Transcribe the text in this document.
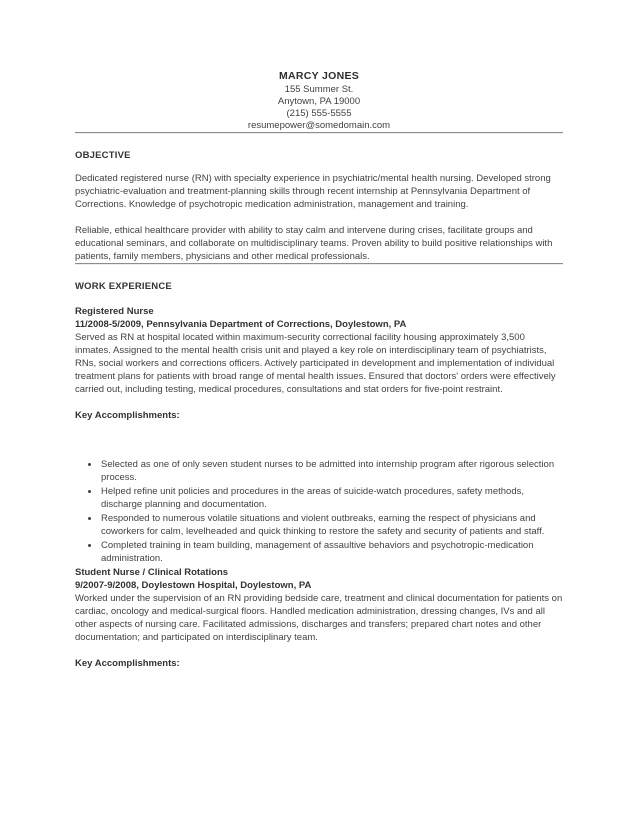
MARCY JONES
155 Summer St.
Anytown, PA 19000
(215) 555-5555
resumepower@somedomain.com
OBJECTIVE

Dedicated registered nurse (RN) with specialty experience in psychiatric/mental health nursing. Developed strong psychiatric-evaluation and treatment-planning skills through recent internship at Pennsylvania Department of Corrections. Knowledge of psychotropic medication administration, management and training.

Reliable, ethical healthcare provider with ability to stay calm and intervene during crises, facilitate groups and educational seminars, and collaborate on multidisciplinary teams. Proven ability to build positive relationships with patients, family members, physicians and other medical professionals.

WORK EXPERIENCE
Registered Nurse
11/2008-5/2009, Pennsylvania Department of Corrections, Doylestown, PA

Served as RN at hospital located within maximum-security correctional facility housing approximately 3,500 inmates. Assigned to the mental health crisis unit and played a key role on interdisciplinary team of psychiatrists, RNs, social workers and corrections officers. Actively participated in development and implementation of individual treatment plans for patients with broad range of mental health issues. Ensured that doctors' orders were effectively carried out, including testing, medical procedures, consultations and stat orders for five-point restraint.

Key Accomplishments:
• Selected as one of only seven student nurses to be admitted into internship program after rigorous selection process.
• Helped refine unit policies and procedures in the areas of suicide-watch procedures, safety methods, discharge planning and documentation.
• Responded to numerous volatile situations and violent outbreaks, earning the respect of physicians and coworkers for calm, levelheaded and quick thinking to restore the safety and security of patients and staff.
• Completed training in team building, management of assaultive behaviors and psychotropic-medication administration.
Student Nurse / Clinical Rotations
9/2007-9/2008, Doylestown Hospital, Doylestown, PA

Worked under the supervision of an RN providing bedside care, treatment and clinical documentation for patients on cardiac, oncology and medical-surgical floors. Handled medication administration, dressing changes, IVs and all other aspects of nursing care. Facilitated admissions, discharges and transfers; prepared chart notes and other documentation; and participated on interdisciplinary team.

Key Accomplishments:
